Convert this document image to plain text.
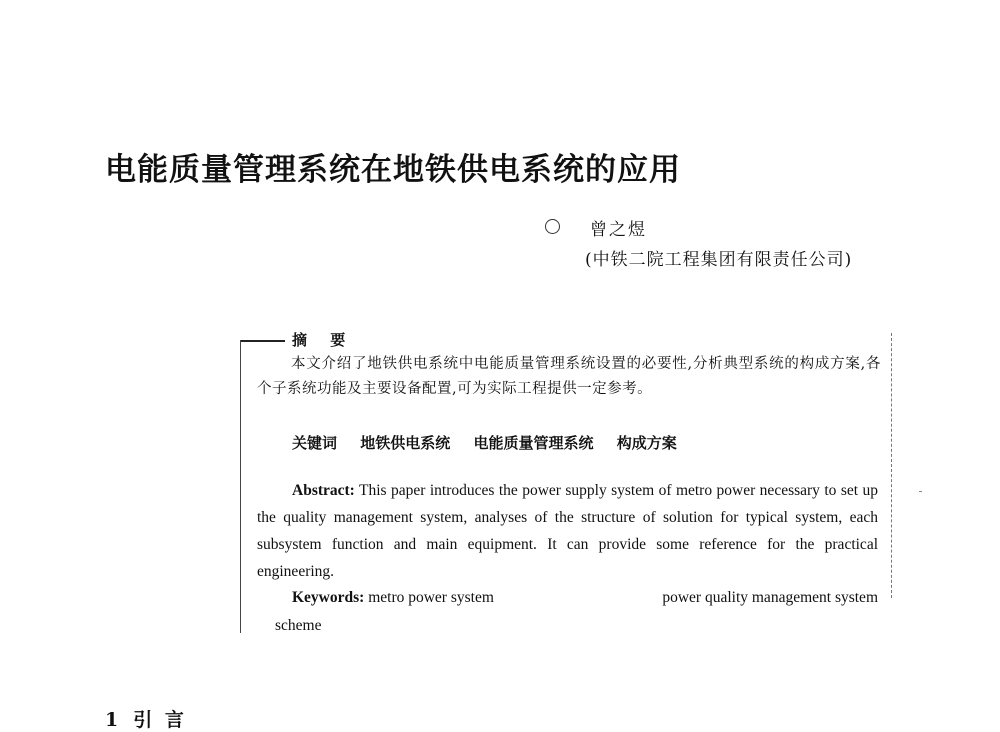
电能质量管理系统在地铁供电系统的应用
曾之煜
(中铁二院工程集团有限责任公司)
摘 要
本文介绍了地铁供电系统中电能质量管理系统设置的必要性,分析典型系统的构成方案,各个子系统功能及主要设备配置,可为实际工程提供一定参考。
关键词 地铁供电系统 电能质量管理系统 构成方案
Abstract: This paper introduces the power supply system of metro power necessary to set up the quality management system, analyses of the structure of solution for typical system, each subsystem function and main equipment. It can provide some reference for the practical engineering.
Keywords: metro power system	power quality management system
scheme
1 引 言
